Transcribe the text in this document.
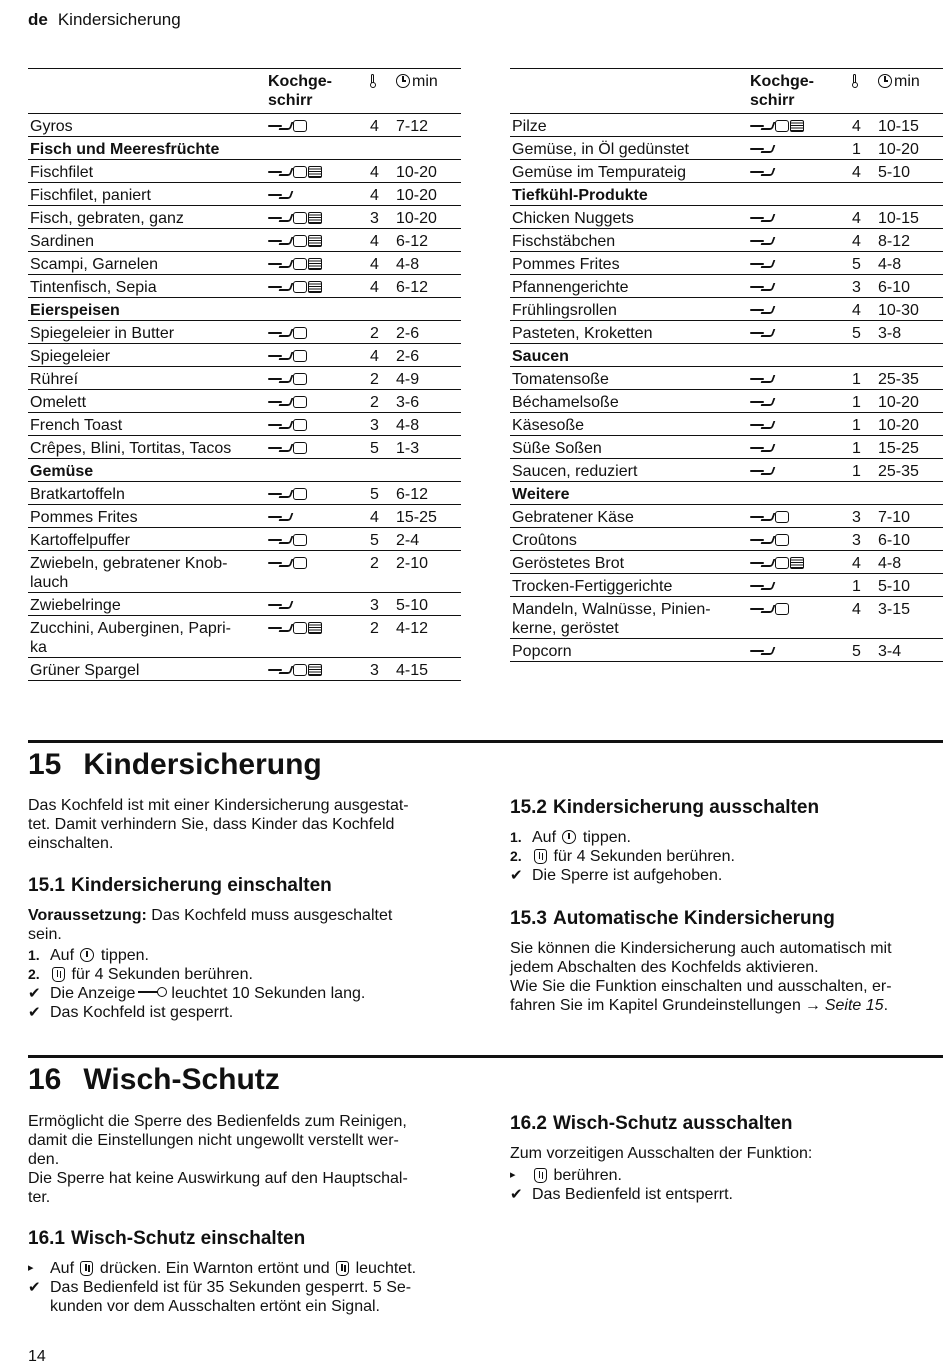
de Kindersicherung
Kochge-
schirr
min
Gyros	4	7-12
Fisch und Meeresfrüchte
Fischfilet	4	10-20
Fischfilet, paniert	4	10-20
Fisch, gebraten, ganz	3	10-20
Sardinen	4	6-12
Scampi, Garnelen	4	4-8
Tintenfisch, Sepia	4	6-12
Eierspeisen
Spiegeleier in Butter	2	2-6
Spiegeleier	4	2-6
Rühreí	2	4-9
Omelett	2	3-6
French Toast	3	4-8
Crêpes, Blini, Tortitas, Tacos	5	1-3
Gemüse
Bratkartoffeln	5	6-12
Pommes Frites	4	15-25
Kartoffelpuffer	5	2-4
Zwiebeln, gebratener Knob-
lauch
2	2-10
Zwiebelringe	3	5-10
Zucchini, Auberginen, Papri-
ka
2	4-12
Grüner Spargel	3	4-15
Kochge-
schirr
min
Pilze	4	10-15
Gemüse, in Öl gedünstet	1	10-20
Gemüse im Tempurateig	4	5-10
Tiefkühl-Produkte
Chicken Nuggets	4	10-15
Fischstäbchen	4	8-12
Pommes Frites	5	4-8
Pfannengerichte	3	6-10
Frühlingsrollen	4	10-30
Pasteten, Kroketten	5	3-8
Saucen
Tomatensoße	1	25-35
Béchamelsoße	1	10-20
Käsesoße	1	10-20
Süße Soßen	1	15-25
Saucen, reduziert	1	25-35
Weitere
Gebratener Käse	3	7-10
Croûtons	3	6-10
Geröstetes Brot	4	4-8
Trocken-Fertiggerichte	1	5-10
Mandeln, Walnüsse, Pinien-
kerne, geröstet
4	3-15
Popcorn	5	3-4
15 Kindersicherung
Das Kochfeld ist mit einer Kindersicherung ausgestat-
tet. Damit verhindern Sie, dass Kinder das Kochfeld
einschalten.
15.1 Kindersicherung einschalten
Voraussetzung: Das Kochfeld muss ausgeschaltet
sein.
1. Auf tippen.
2.	für 4 Sekunden berühren.
✔ Die Anzeige leuchtet 10 Sekunden lang.
✔ Das Kochfeld ist gesperrt.
15.2 Kindersicherung ausschalten
1. Auf tippen.
2.	für 4 Sekunden berühren.
✔ Die Sperre ist aufgehoben.
15.3 Automatische Kindersicherung
Sie können die Kindersicherung auch automatisch mit
jedem Abschalten des Kochfelds aktivieren.
Wie Sie die Funktion einschalten und ausschalten, er-
fahren Sie im Kapitel Grundeinstellungen → Seite 15.
16 Wisch-Schutz
Ermöglicht die Sperre des Bedienfelds zum Reinigen,
damit die Einstellungen nicht ungewollt verstellt wer-
den.
Die Sperre hat keine Auswirkung auf den Hauptschal-
ter.
16.1 Wisch-Schutz einschalten
▸	Auf drücken. Ein Warnton ertönt und leuchtet.
✔ Das Bedienfeld ist für 35 Sekunden gesperrt. 5 Se-
kunden vor dem Ausschalten ertönt ein Signal.
16.2 Wisch-Schutz ausschalten
Zum vorzeitigen Ausschalten der Funktion:
▸	berühren.
✔ Das Bedienfeld ist entsperrt.
14
